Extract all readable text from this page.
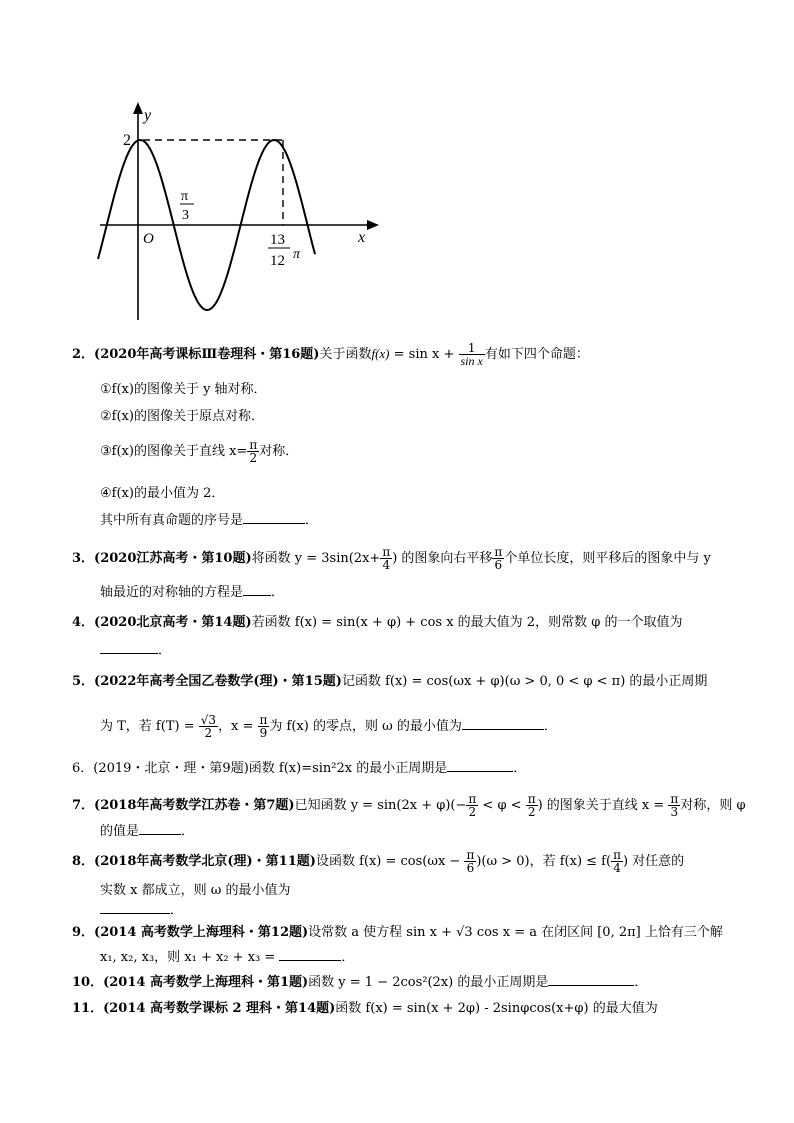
y
2
O
π
3
13
12 π
x
2．(2020年高考课标Ⅲ卷理科・第16题)关于函数$f(x) = \sin x + \frac{1}{\text{sin x}}$ 有如下四个命题：
①f(x)的图像关于 y 轴对称．
②f(x)的图像关于原点对称．
③f(x)的图像关于直线 $x= \frac{\pi}{2}$ 对称．
④f(x)的最小值为 2．
其中所有真命题的序号是	．
3．(2020江苏高考・第10题)将函数 $y = 3\sin(2x+ \frac{\pi}{4}$ ) 的图象向右平移 $\frac{\pi}{6}$ 个单位长度，则平移后的图象中与 y
轴最近的对称轴的方程是 ．
4．(2020北京高考・第14题)若函数 f(x) = sin(x + φ) + cos x 的最大值为 2，则常数 φ 的一个取值为
．
5．(2022年高考全国乙卷数学(理)・第15题)记函数 f(x) = cos(ωx + φ)(ω > 0, 0 < φ < π) 的最小正周期
为 T，若 $f(T) = \frac{√3}{2}$ ，$x = \frac{\pi}{9}$ 为 f(x) 的零点，则 ω 的最小值为	．
6．(2019・北京・理・第9题)函数 f(x)=sin²2x 的最小正周期是	．
7．(2018年高考数学江苏卷・第7题)已知函数 $y = \sin(2x + \varphi)(- \frac{\pi}{2} < \varphi < \frac{\pi}{2}$ ) 的图象关于直线 $x = \frac{\pi}{3}$ 对称，则 φ
的值是	．
8．(2018年高考数学北京(理)・第11题)设函数 $f(x) = \cos(\omega x - \frac{\pi}{6} )(\omega > 0)$，若 $f(x) \le f( \frac{\pi}{4}$ ) 对任意的
实数 x 都成立，则 ω 的最小值为
．
9．(2014 高考数学上海理科・第12题)设常数 a 使方程 sin x + √3 cos x = a 在闭区间 [0, 2π] 上恰有三个解
x₁, x₂, x₃，则 x₁ + x₂ + x₃ =	．
10．(2014 高考数学上海理科・第1题)函数 y = 1 − 2cos²(2x) 的最小正周期是	．
11．(2014 高考数学课标 2 理科・第14题)函数 f(x) = sin(x + 2φ) - 2sinφcos(x+φ) 的最大值为
